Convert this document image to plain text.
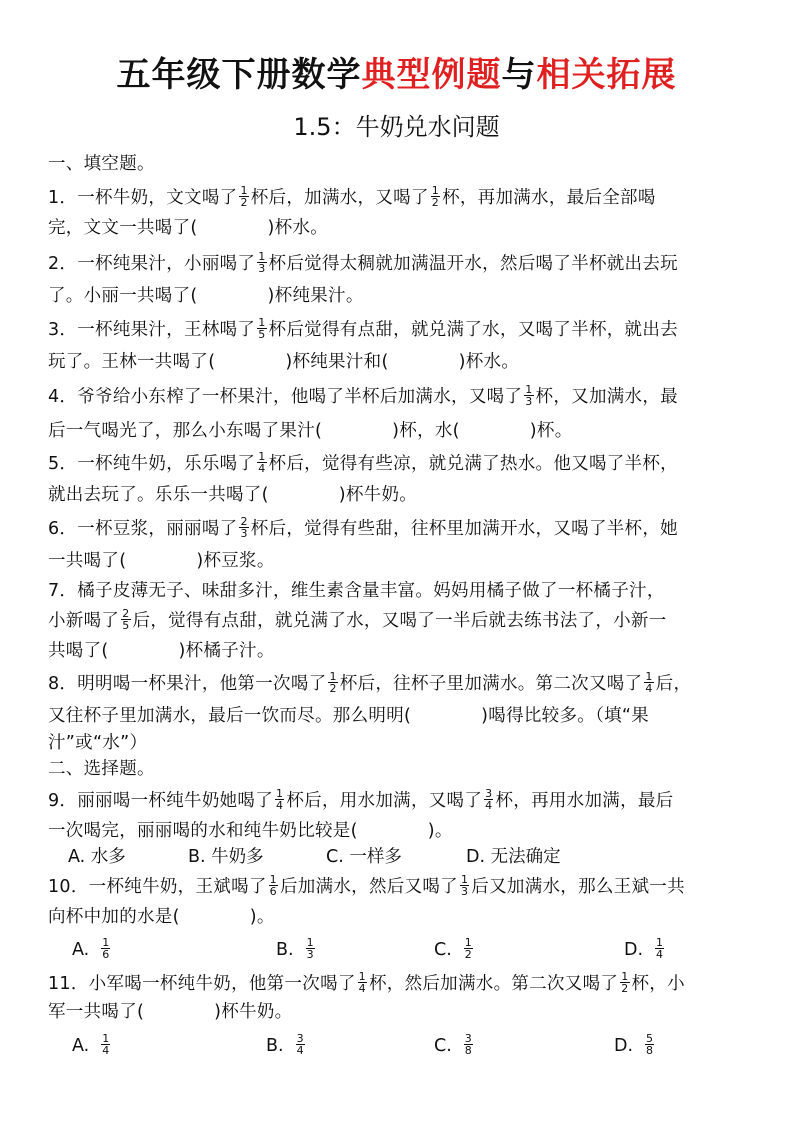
五年级下册数学典型例题与相关拓展
1.5：牛奶兑水问题
一、填空题。
1．一杯牛奶，文文喝了 $\frac{1}{2}$ 杯后，加满水，又喝了 $\frac{1}{2}$ 杯，再加满水，最后全部喝
完，文文一共喝了(	)杯水。
2．一杯纯果汁，小丽喝了 $\frac{1}{3}$ 杯后觉得太稠就加满温开水，然后喝了半杯就出去玩
了。小丽一共喝了(	)杯纯果汁。
3．一杯纯果汁，王林喝了 $\frac{1}{5}$ 杯后觉得有点甜，就兑满了水，又喝了半杯，就出去
玩了。王林一共喝了(	)杯纯果汁和(	)杯水。
4．爷爷给小东榨了一杯果汁，他喝了半杯后加满水，又喝了 $\frac{1}{3}$ 杯，又加满水，最
后一气喝光了，那么小东喝了果汁(	)杯，水(	)杯。
5．一杯纯牛奶，乐乐喝了 $\frac{1}{4}$ 杯后，觉得有些凉，就兑满了热水。他又喝了半杯，
就出去玩了。乐乐一共喝了(	)杯牛奶。
6．一杯豆浆，丽丽喝了 $\frac{2}{3}$ 杯后，觉得有些甜，往杯里加满开水，又喝了半杯，她
一共喝了(	)杯豆浆。
7．橘子皮薄无子、味甜多汁，维生素含量丰富。妈妈用橘子做了一杯橘子汁，
小新喝了 $\frac{2}{5}$ 后，觉得有点甜，就兑满了水，又喝了一半后就去练书法了，小新一
共喝了(	)杯橘子汁。
8．明明喝一杯果汁，他第一次喝了 $\frac{1}{2}$ 杯后，往杯子里加满水。第二次又喝了 $\frac{1}{4}$ 后，
又往杯子里加满水，最后一饮而尽。那么明明(	)喝得比较多。（填“果
汁”或“水”）
二、选择题。
9．丽丽喝一杯纯牛奶她喝了 $\frac{1}{4}$ 杯后，用水加满，又喝了 $\frac{3}{4}$ 杯，再用水加满，最后
一次喝完，丽丽喝的水和纯牛奶比较是(	)。
A. 水多	B. 牛奶多	C. 一样多	D. 无法确定
10．一杯纯牛奶，王斌喝了 $\frac{1}{6}$ 后加满水，然后又喝了 $\frac{1}{3}$ 后又加满水，那么王斌一共
向杯中加的水是(	)。
A. $\frac{1}{6}$	B. $\frac{1}{3}$	C. $\frac{1}{2}$	D. $\frac{1}{4}$
11．小军喝一杯纯牛奶，他第一次喝了 $\frac{1}{4}$ 杯，然后加满水。第二次又喝了 $\frac{1}{2}$ 杯，小
军一共喝了(	)杯牛奶。
A. $\frac{1}{4}$	B. $\frac{3}{4}$	C. $\frac{3}{8}$	D. $\frac{5}{8}$
